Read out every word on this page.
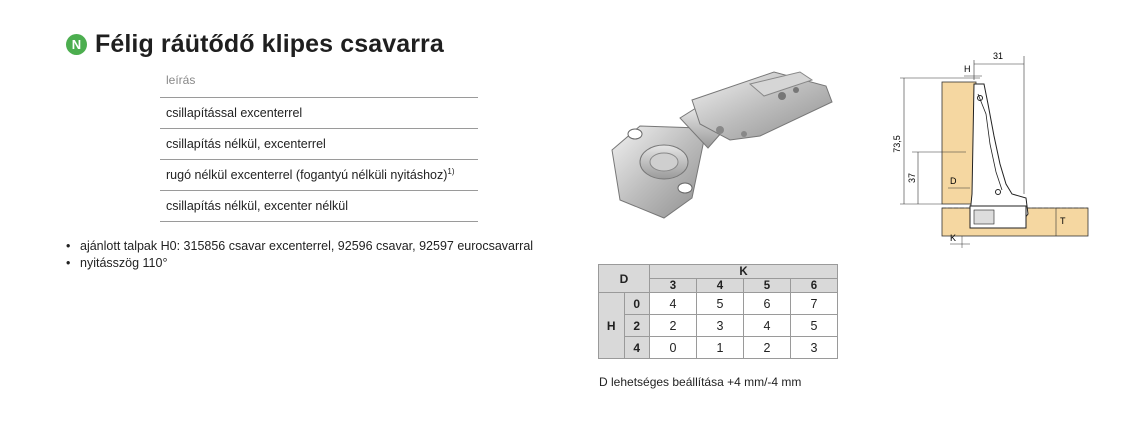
N Félig ráütődő klipes csavarra
leírás
csillapítással excenterrel
csillapítás nélkül, excenterrel
rugó nélkül excenterrel (fogantyú nélküli nyitáshoz)$^{1)}$
csillapítás nélkül, excenter nélkül
• ajánlott talpak H0: 315856 csavar excenterrel, 92596 csavar, 92597 eurocsavarral
• nyitásszög 110°
31
H
73,5
37	D
T
K
D		K			
		3	4	5	6
H	0	4	5	6	7
	2	2	3	4	5
	4	0	1	2	3
D lehetséges beállítása +4 mm/-4 mm
